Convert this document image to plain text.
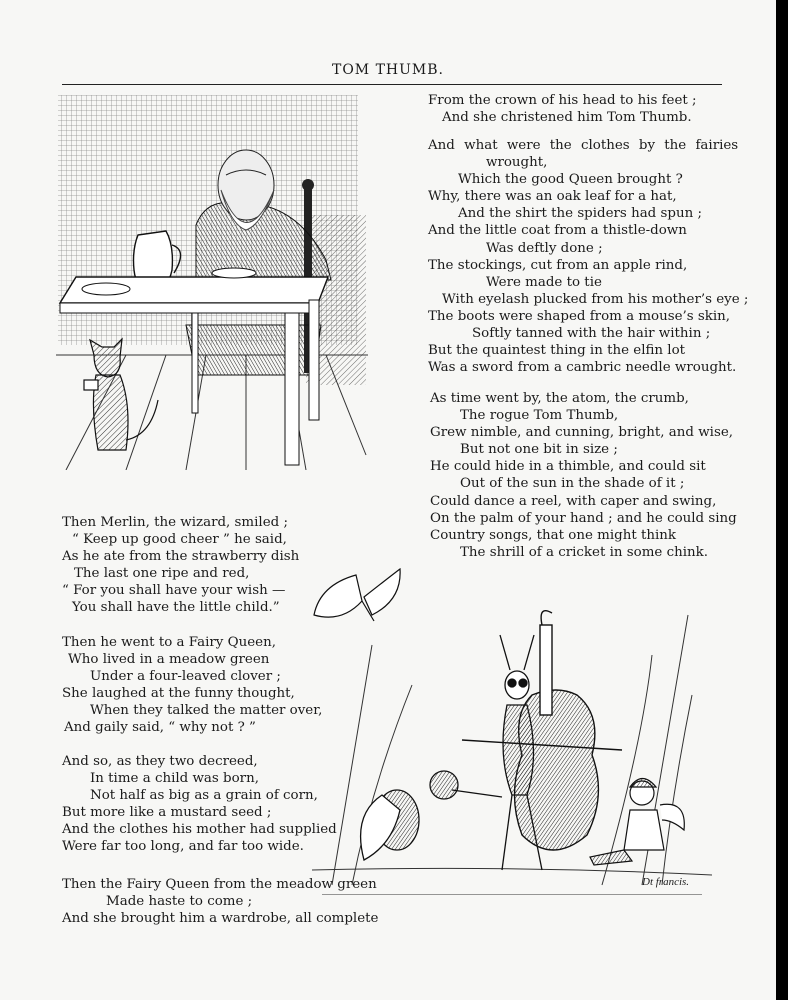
TOM THUMB.
Dt francis.
From the crown of his head to his feet ;
And she christened him Tom Thumb.
And what were the clothes by the fairies
wrought,
Which the good Queen brought ?
Why, there was an oak leaf for a hat,
And the shirt the spiders had spun ;
And the little coat from a thistle-down
Was deftly done ;
The stockings, cut from an apple rind,
Were made to tie
With eyelash plucked from his mother’s eye ;
The boots were shaped from a mouse’s skin,
Softly tanned with the hair within ;
But the quaintest thing in the elfin lot
Was a sword from a cambric needle wrought.
As time went by, the atom, the crumb,
The rogue Tom Thumb,
Grew nimble, and cunning, bright, and wise,
But not one bit in size ;
He could hide in a thimble, and could sit
Out of the sun in the shade of it ;
Could dance a reel, with caper and swing,
On the palm of your hand ; and he could sing
Country songs, that one might think
The shrill of a cricket in some chink.
Then Merlin, the wizard, smiled ;
“ Keep up good cheer ” he said,
As he ate from the strawberry dish
The last one ripe and red,
“ For you shall have your wish —
You shall have the little child.”
Then he went to a Fairy Queen,
Who lived in a meadow green
Under a four-leaved clover ;
She laughed at the funny thought,
When they talked the matter over,
And gaily said, “ why not ? ”
And so, as they two decreed,
In time a child was born,
Not half as big as a grain of corn,
But more like a mustard seed ;
And the clothes his mother had supplied
Were far too long, and far too wide.
Then the Fairy Queen from the meadow green
Made haste to come ;
And she brought him a wardrobe, all complete
